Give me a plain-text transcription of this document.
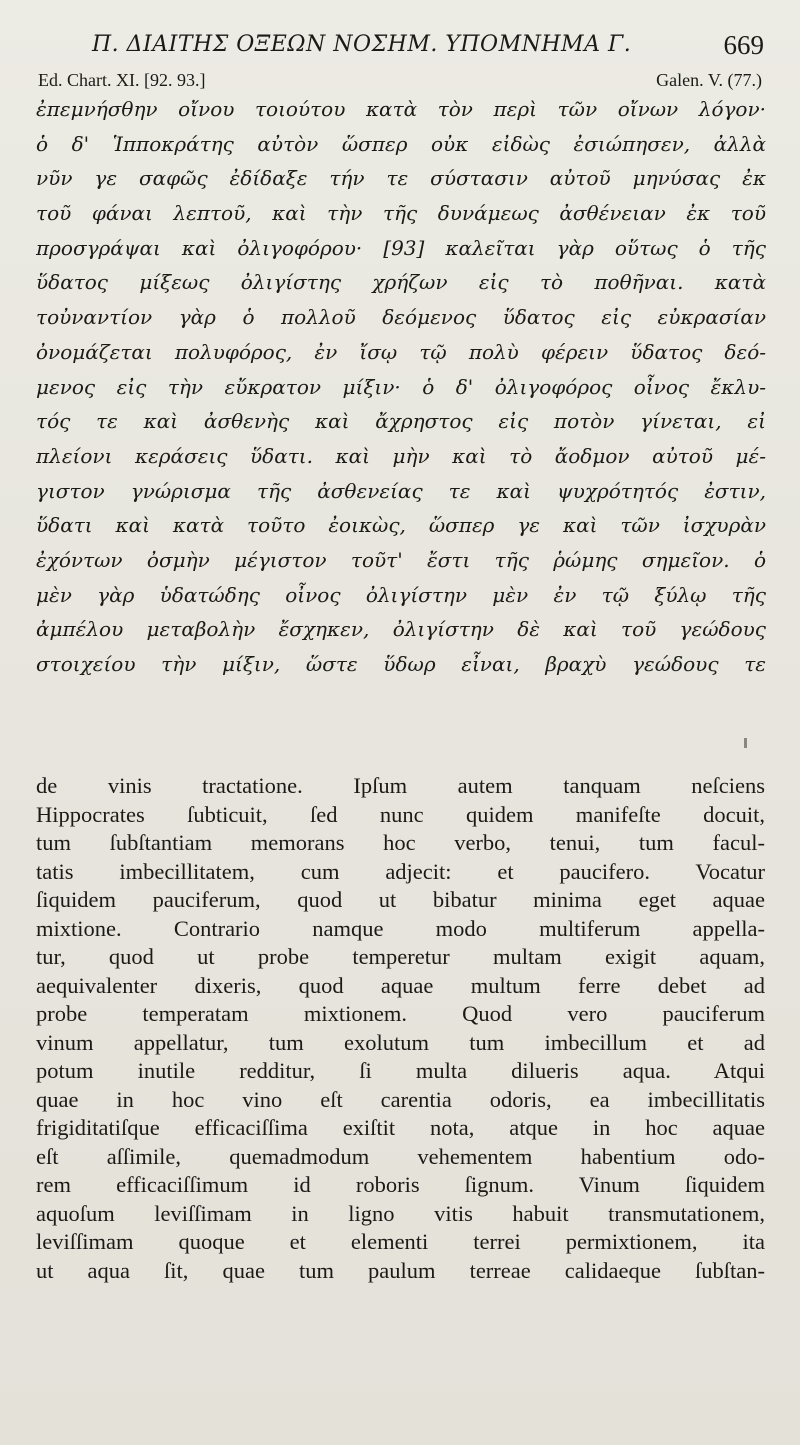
Π. ΔΙΑΙΤΗΣ ΟΞΕΩΝ ΝΟΣΗΜ. ΥΠΟΜΝΗΜΑ Γ.	669
Ed. Chart. XI. [92. 93.]	Galen. V. (77.)
ἐπεμνήσθην οἴνου τοιούτου κατὰ τὸν περὶ τῶν οἴνων λόγον·
ὁ δ' Ἱπποκράτης αὐτὸν ὥσπερ οὐκ εἰδὼς ἐσιώπησεν, ἀλλὰ
νῦν γε σαφῶς ἐδίδαξε τήν τε σύστασιν αὐτοῦ μηνύσας ἐκ
τοῦ φάναι λεπτοῦ, καὶ τὴν τῆς δυνάμεως ἀσθένειαν ἐκ τοῦ
προσγράψαι καὶ ὀλιγοφόρου· [93] καλεῖται γὰρ οὕτως ὁ τῆς
ὕδατος μίξεως ὀλιγίστης χρήζων εἰς τὸ ποθῆναι. κατὰ
τοὐναντίον γὰρ ὁ πολλοῦ δεόμενος ὕδατος εἰς εὐκρασίαν
ὀνομάζεται πολυφόρος, ἐν ἴσῳ τῷ πολὺ φέρειν ὕδατος δεό-
μενος εἰς τὴν εὔκρατον μίξιν· ὁ δ' ὀλιγοφόρος οἶνος ἔκλυ-
τός τε καὶ ἀσθενὴς καὶ ἄχρηστος εἰς ποτὸν γίνεται, εἰ
πλείονι κεράσεις ὕδατι. καὶ μὴν καὶ τὸ ἄοδμον αὐτοῦ μέ-
γιστον γνώρισμα τῆς ἀσθενείας τε καὶ ψυχρότητός ἐστιν,
ὕδατι καὶ κατὰ τοῦτο ἐοικὼς, ὥσπερ γε καὶ τῶν ἰσχυρὰν
ἐχόντων ὀσμὴν μέγιστον τοῦτ' ἔστι τῆς ῥώμης σημεῖον. ὁ
μὲν γὰρ ὑδατώδης οἶνος ὀλιγίστην μὲν ἐν τῷ ξύλῳ τῆς
ἀμπέλου μεταβολὴν ἔσχηκεν, ὀλιγίστην δὲ καὶ τοῦ γεώδους
στοιχείου τὴν μίξιν, ὥστε ὕδωρ εἶναι, βραχὺ γεώδους τε
de vinis tractatione. Ipſum autem tanquam neſciens
Hippocrates ſubticuit, ſed nunc quidem manifeſte docuit,
tum ſubſtantiam memorans hoc verbo, tenui, tum facul-
tatis imbecillitatem, cum adjecit: et paucifero. Vocatur
ſiquidem pauciferum, quod ut bibatur minima eget aquae
mixtione. Contrario namque modo multiferum appella-
tur, quod ut probe temperetur multam exigit aquam,
aequivalenter dixeris, quod aquae multum ferre debet ad
probe temperatam mixtionem. Quod vero pauciferum
vinum appellatur, tum exolutum tum imbecillum et ad
potum inutile redditur, ſi multa dilueris aqua. Atqui
quae in hoc vino eſt carentia odoris, ea imbecillitatis
frigiditatiſque efficaciſſima exiſtit nota, atque in hoc aquae
eſt aſſimile, quemadmodum vehementem habentium odo-
rem efficaciſſimum id roboris ſignum. Vinum ſiquidem
aquoſum leviſſimam in ligno vitis habuit transmutationem,
leviſſimam quoque et elementi terrei permixtionem, ita
ut aqua ſit, quae tum paulum terreae calidaeque ſubſtan-
